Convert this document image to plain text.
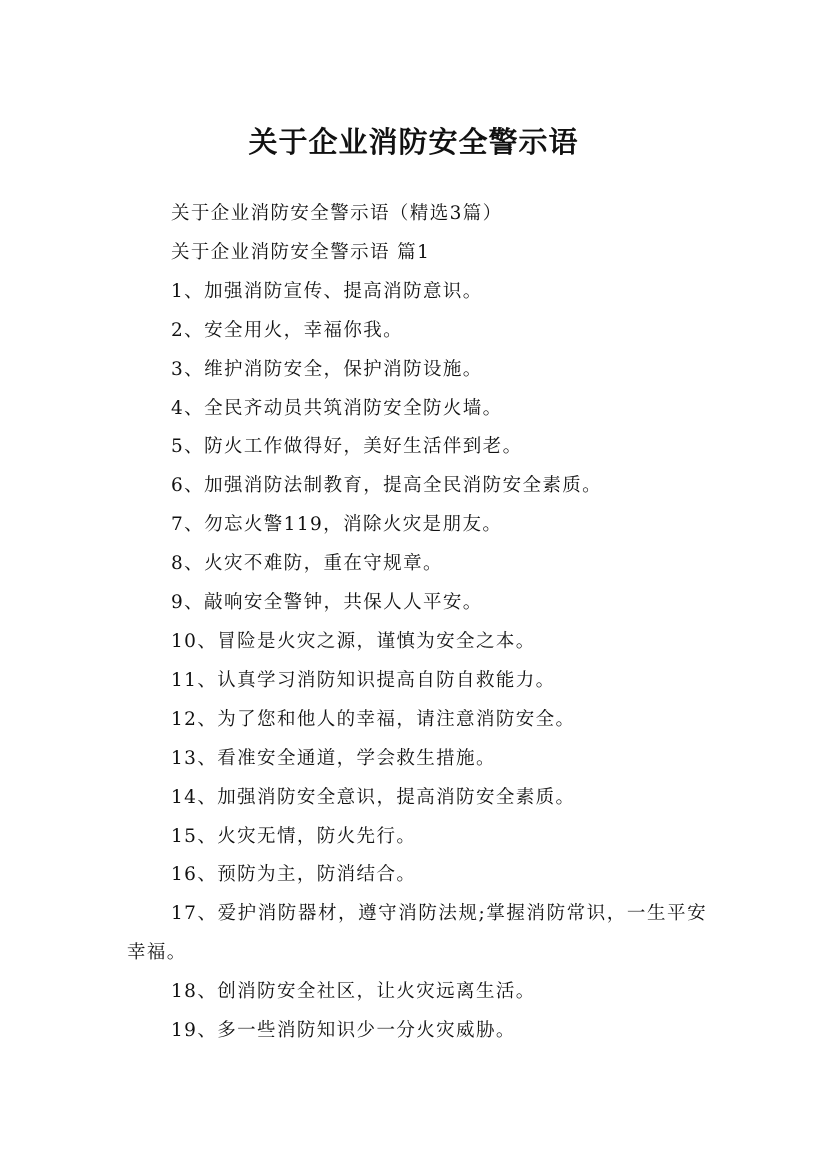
关于企业消防安全警示语

关于企业消防安全警示语（精选3篇）

关于企业消防安全警示语 篇1

1、加强消防宣传、提高消防意识。

2、安全用火，幸福你我。

3、维护消防安全，保护消防设施。

4、全民齐动员共筑消防安全防火墙。

5、防火工作做得好，美好生活伴到老。

6、加强消防法制教育，提高全民消防安全素质。

7、勿忘火警119，消除火灾是朋友。

8、火灾不难防，重在守规章。

9、敲响安全警钟，共保人人平安。

10、冒险是火灾之源，谨慎为安全之本。

11、认真学习消防知识提高自防自救能力。

12、为了您和他人的幸福，请注意消防安全。

13、看准安全通道，学会救生措施。

14、加强消防安全意识，提高消防安全素质。

15、火灾无情，防火先行。

16、预防为主，防消结合。

17、爱护消防器材，遵守消防法规;掌握消防常识，一生平安幸福。

18、创消防安全社区，让火灾远离生活。

19、多一些消防知识少一分火灾威胁。
